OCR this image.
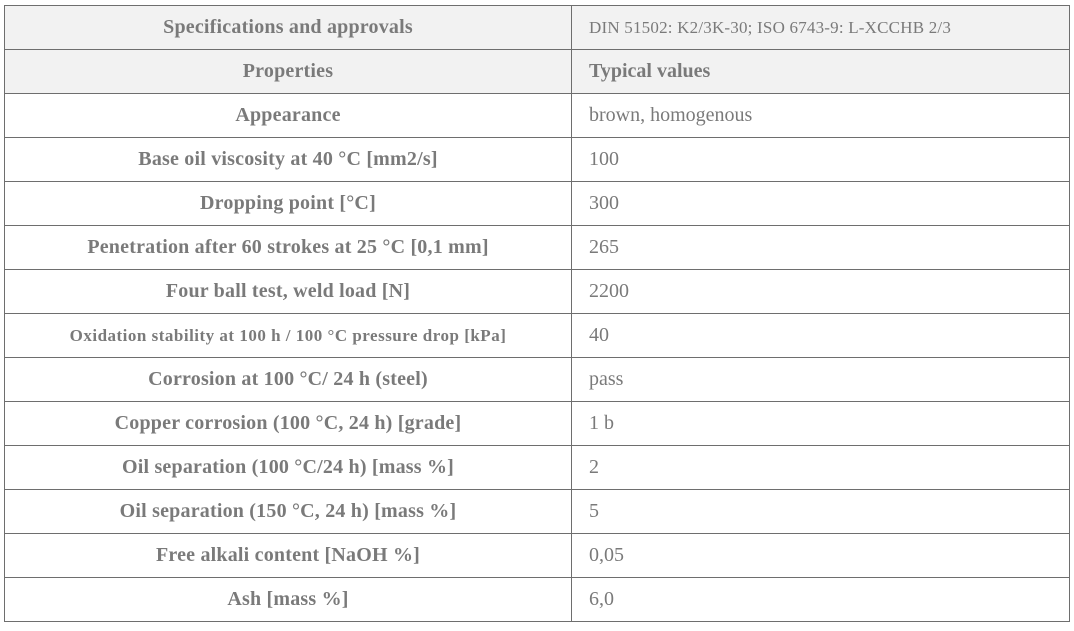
Specifications and approvals	DIN 51502: K2/3K-30; ISO 6743-9: L-XCCHB 2/3
Properties	Typical values
Appearance	brown, homogenous
Base oil viscosity at 40 °C [mm2/s]	100
Dropping point [°C]	300
Penetration after 60 strokes at 25 °C [0,1 mm]	265
Four ball test, weld load [N]	2200
Oxidation stability at 100 h / 100 °C pressure drop [kPa]	40
Corrosion at 100 °C/ 24 h (steel)	pass
Copper corrosion (100 °C, 24 h) [grade]	1 b
Oil separation (100 °C/24 h) [mass %]	2
Oil separation (150 °C, 24 h) [mass %]	5
Free alkali content [NaOH %]	0,05
Ash [mass %]	6,0
